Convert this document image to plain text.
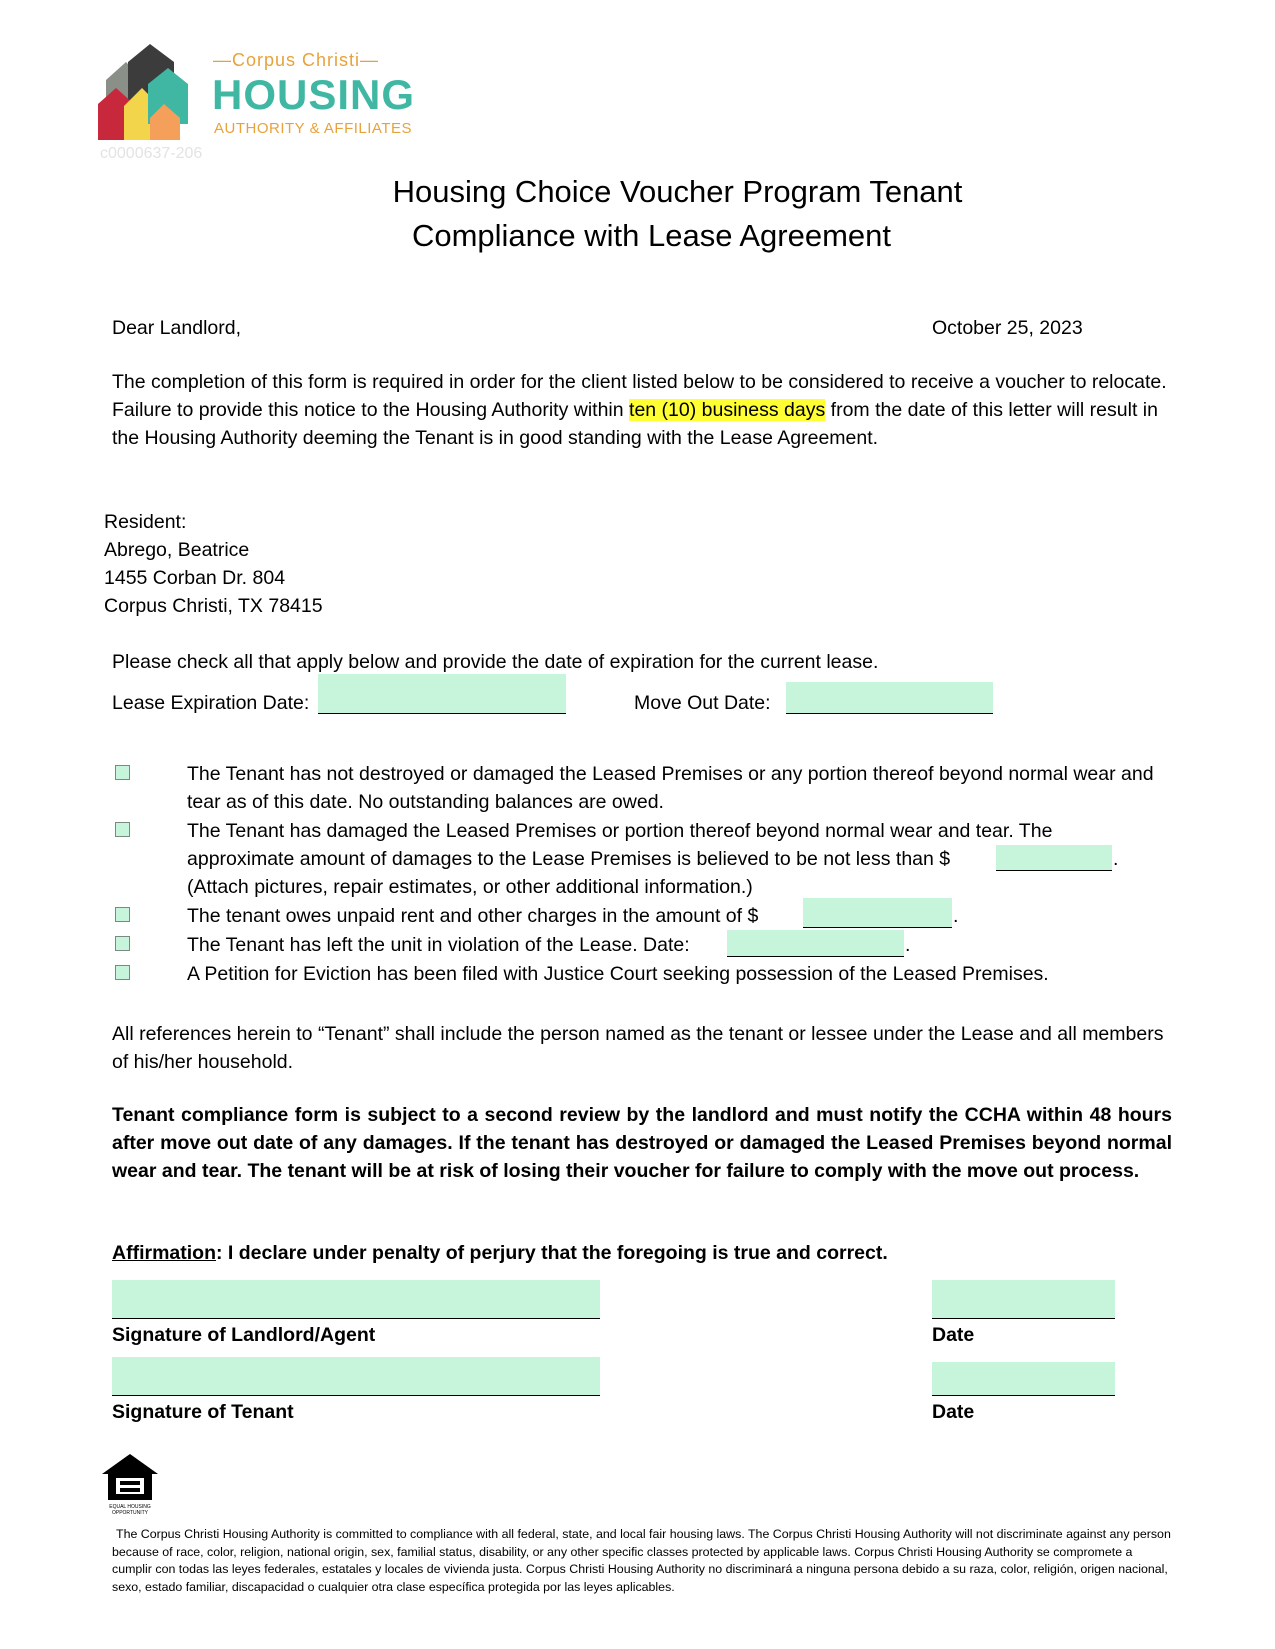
—Corpus Christi—
HOUSING
AUTHORITY & AFFILIATES
c0000637-206
Housing Choice Voucher Program Tenant
Compliance with Lease Agreement
Dear Landlord,	October 25, 2023
The completion of this form is required in order for the client listed below to be considered to receive a voucher to relocate. Failure to provide this notice to the Housing Authority within ten (10) business days from the date of this letter will result in the Housing Authority deeming the Tenant is in good standing with the Lease Agreement.
Resident:
Abrego, Beatrice
1455 Corban Dr. 804
Corpus Christi, TX 78415
Please check all that apply below and provide the date of expiration for the current lease.
Lease Expiration Date:	Move Out Date:
The Tenant has not destroyed or damaged the Leased Premises or any portion thereof beyond normal wear and tear as of this date. No outstanding balances are owed.
The Tenant has damaged the Leased Premises or portion thereof beyond normal wear and tear. The
approximate amount of damages to the Lease Premises is believed to be not less than $	.
(Attach pictures, repair estimates, or other additional information.)
The tenant owes unpaid rent and other charges in the amount of $	.
The Tenant has left the unit in violation of the Lease. Date:	.
A Petition for Eviction has been filed with Justice Court seeking possession of the Leased Premises.
All references herein to “Tenant” shall include the person named as the tenant or lessee under the Lease and all members of his/her household.
Tenant compliance form is subject to a second review by the landlord and must notify the CCHA within 48 hours after move out date of any damages. If the tenant has destroyed or damaged the Leased Premises beyond normal wear and tear. The tenant will be at risk of losing their voucher for failure to comply with the move out process.
Affirmation: I declare under penalty of perjury that the foregoing is true and correct.
Signature of Landlord/Agent	Date
Signature of Tenant	Date
EQUAL HOUSING OPPORTUNITY
The Corpus Christi Housing Authority is committed to compliance with all federal, state, and local fair housing laws. The Corpus Christi Housing Authority will not discriminate against any person because of race, color, religion, national origin, sex, familial status, disability, or any other specific classes protected by applicable laws. Corpus Christi Housing Authority se compromete a cumplir con todas las leyes federales, estatales y locales de vivienda justa. Corpus Christi Housing Authority no discriminará a ninguna persona debido a su raza, color, religión, origen nacional, sexo, estado familiar, discapacidad o cualquier otra clase específica protegida por las leyes aplicables.
